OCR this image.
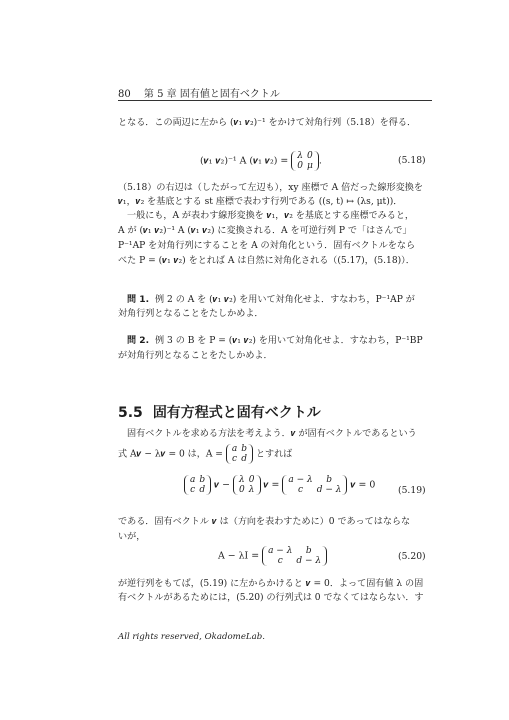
80 第 5 章 固有値と固有ベクトル
となる．この両辺に左から (𝒗₁ 𝒗₂)⁻¹ をかけて対角行列（5.18）を得る．
(𝒗₁ 𝒗₂)⁻¹ A (𝒗₁ 𝒗₂) = λ	0
0	μ .	(5.18)
（5.18）の右辺は（したがって左辺も），xy 座標で A 倍だった線形変換を
𝒗₁，𝒗₂ を基底とする st 座標で表わす行列である ((s, t) ↦ (λs, μt))．
一般にも，A が表わす線形変換を 𝒗₁，𝒗₂ を基底とする座標でみると，
A が (𝒗₁ 𝒗₂)⁻¹ A (𝒗₁ 𝒗₂) に変換される．A を可逆行列 P で「はさんで」
P⁻¹AP を対角行列にすることを A の対角化という．固有ベクトルをなら
べた P = (𝒗₁ 𝒗₂) をとれば A は自然に対角化される（(5.17)，(5.18)）．
問 1. 例 2 の A を (𝒗₁ 𝒗₂) を用いて対角化せよ．すなわち，P⁻¹AP が
対角行列となることをたしかめよ．
問 2. 例 3 の B を P = (𝒗₁ 𝒗₂) を用いて対角化せよ．すなわち，P⁻¹BP
が対角行列となることをたしかめよ．
5.5 固有方程式と固有ベクトル
固有ベクトルを求める方法を考えよう．𝒗 が固有ベクトルであるという
式 A𝒗 − λ𝒗 = 0 は，A =
a	b
c	d とすれば
a	b
c	d 𝒗 − λ	0
0	λ 𝒗 = a − λ	b
c	d − λ 𝒗 = 0 (5.19)
である．固有ベクトル 𝒗 は（方向を表わすために）0 であってはならな
いが，
A − λI = a − λ	b
c	d − λ	(5.20)
が逆行列をもてば，(5.19) に左からかけると 𝒗 = 0．よって固有値 λ の固
有ベクトルがあるためには，(5.20) の行列式は 0 でなくてはならない．す
All rights reserved, OkadomeLab.
